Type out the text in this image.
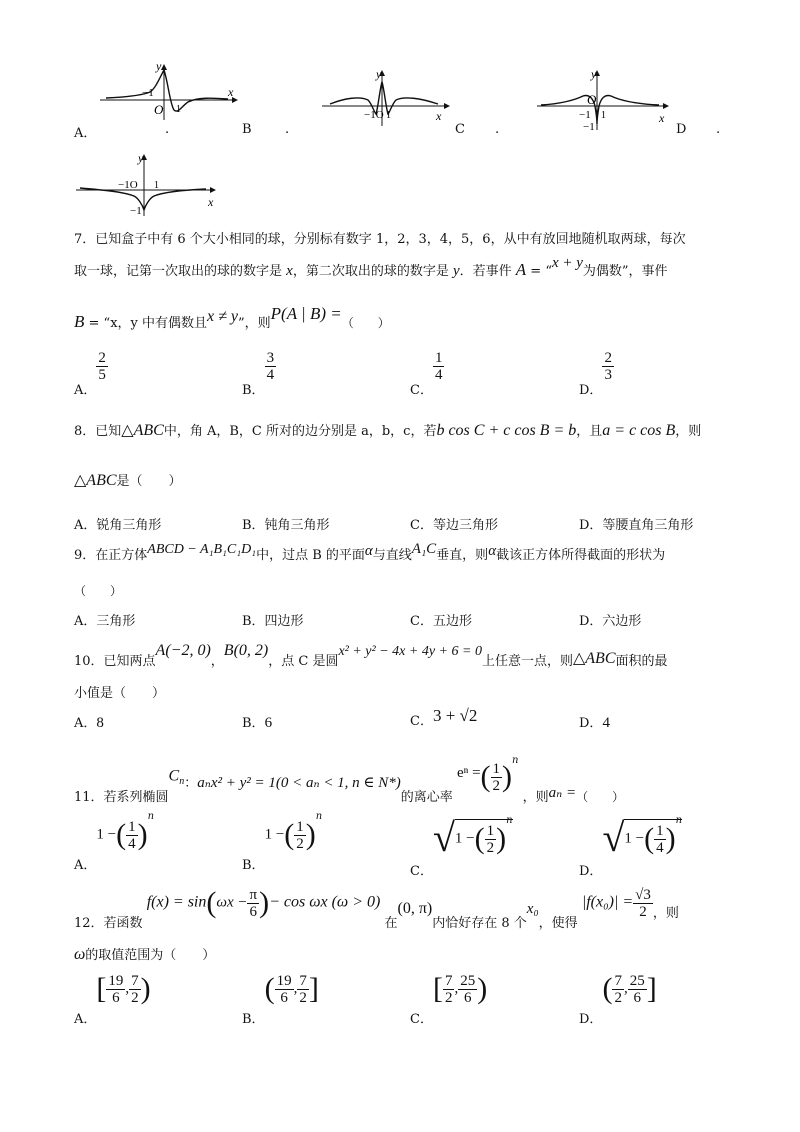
A．
y
x
−1
O 1
.	B	.
y
x
−1O 1
C .
y
x
O
−1 1
−1	D .
y
x
−1O 1
−1
7．已知盒子中有 6 个大小相同的球，分别标有数字 1，2，3，4，5，6，从中有放回地随机取两球，每次
取一球，记第一次取出的球的数字是 x，第二次取出的球的数字是 y．若事件 A = “x + y为偶数”，事件
B = “x，y 中有偶数且x ≠ y”，则P(A | B) =（　　）
A．
$\frac{2}{5}$
B．
$\frac{3}{4}$
C．
$\frac{1}{4}$
D．
$\frac{2}{3}$
8．已知△ABC中，角 A，B，C 所对的边分别是 a，b，c，若b cos C + c cos B = b，且a = c cos B，则
△ABC是（　　）
A．锐角三角形	B．钝角三角形	C．等边三角形	D．等腰直角三角形
9．在正方体ABCD − A₁B₁C₁D₁中，过点 B 的平面α与直线A₁C垂直，则α截该正方体所得截面的形状为
（　　）
A．三角形	B．四边形	C．五边形	D．六边形
10．已知两点A(−2, 0)，B(0, 2)，点 C 是圆x² + y² − 4x + 4y + 6 = 0上任意一点，则△ABC面积的最
小值是（　　）
A．8	B．6	C．3 + √2	D．4
11．若系列椭圆$C_n$：aₙx² + y² = 1(0 < aₙ < 1, n ∈ N*)的离心率 eⁿ =( $\frac{1}{2} )^n$ ，则aₙ =（　　）
A．1 −( $\frac{1}{4} )^n$
B．1 −( $\frac{1}{2} )^n$
C．√1 −( $\frac{1}{2} )^n$
D．√1 −( $\frac{1}{4} )^n$
12．若函数 $f(x) = \sin(\omega x - \frac{\pi}{6}$ )− cos ωx (ω > 0) 在(0, π)内恰好存在 8 个x₀，使得 $|f(x_0)| = \frac{√3}{2}$ ，则
ω的取值范围为（　　）
A．[ $\frac{19}{6}$ , $\frac{7}{2}$ )
B．( $\frac{19}{6}$ , $\frac{7}{2}$ ]
C．[ $\frac{7}{2}$ , $\frac{25}{6}$ )
D．( $\frac{7}{2}$ , $\frac{25}{6}$ ]
